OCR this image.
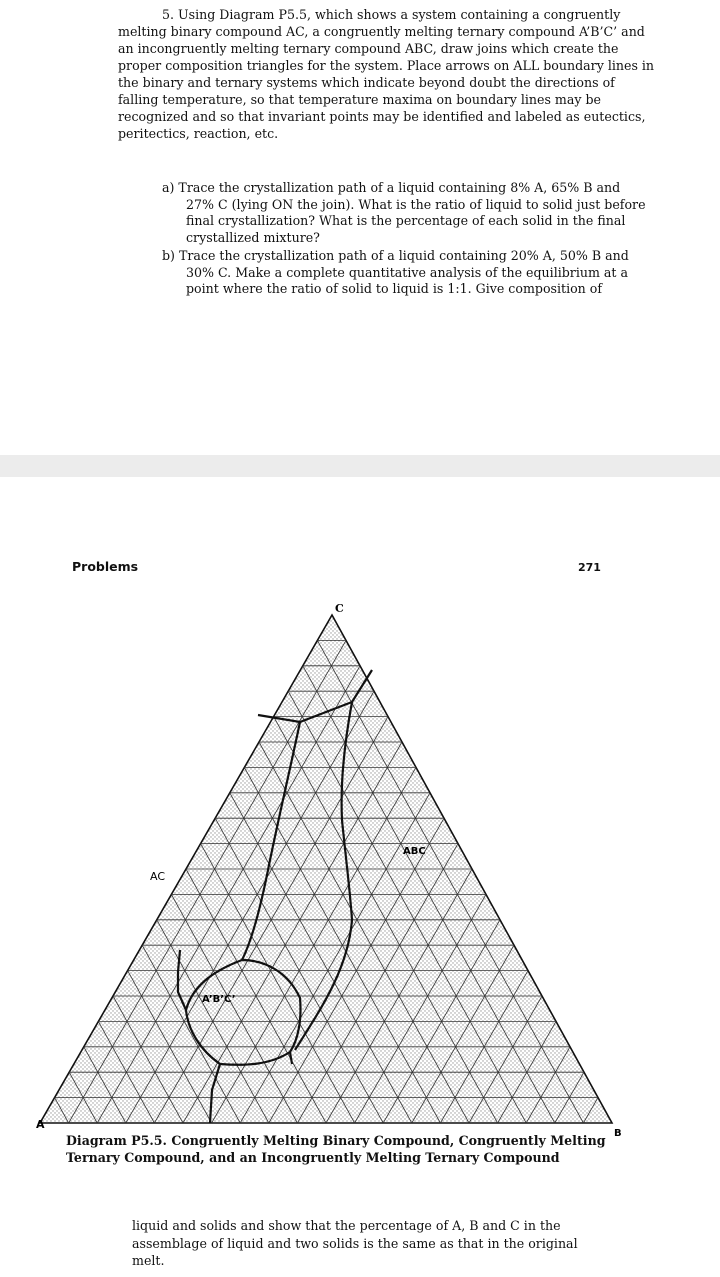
5. Using Diagram P5.5, which shows a system containing a congruently melting binary compound AC, a congruently melting ternary compound A’B’C’ and an incongruently melting ternary compound ABC, draw joins which create the proper composition triangles for the system. Place arrows on ALL boundary lines in the binary and ternary systems which indicate beyond doubt the directions of falling temperature, so that temperature maxima on boundary lines may be recognized and so that invariant points may be identified and labeled as eutectics, peritectics, reaction, etc.

a) Trace the crystallization path of a liquid containing 8% A, 65% B and 27% C (lying ON the join). What is the ratio of liquid to solid just before final crystallization? What is the percentage of each solid in the final crystallized mixture?

b) Trace the crystallization path of a liquid containing 20% A, 50% B and 30% C. Make a complete quantitative analysis of the equilibrium at a point where the ratio of solid to liquid is 1:1. Give composition of

Problems	271
C
A
B
AC
ABC
A’B’C’
Diagram P5.5. Congruently Melting Binary Compound, Congruently Melting Ternary Compound, and an Incongruently Melting Ternary Compound

liquid and solids and show that the percentage of A, B and C in the assemblage of liquid and two solids is the same as that in the original melt.
